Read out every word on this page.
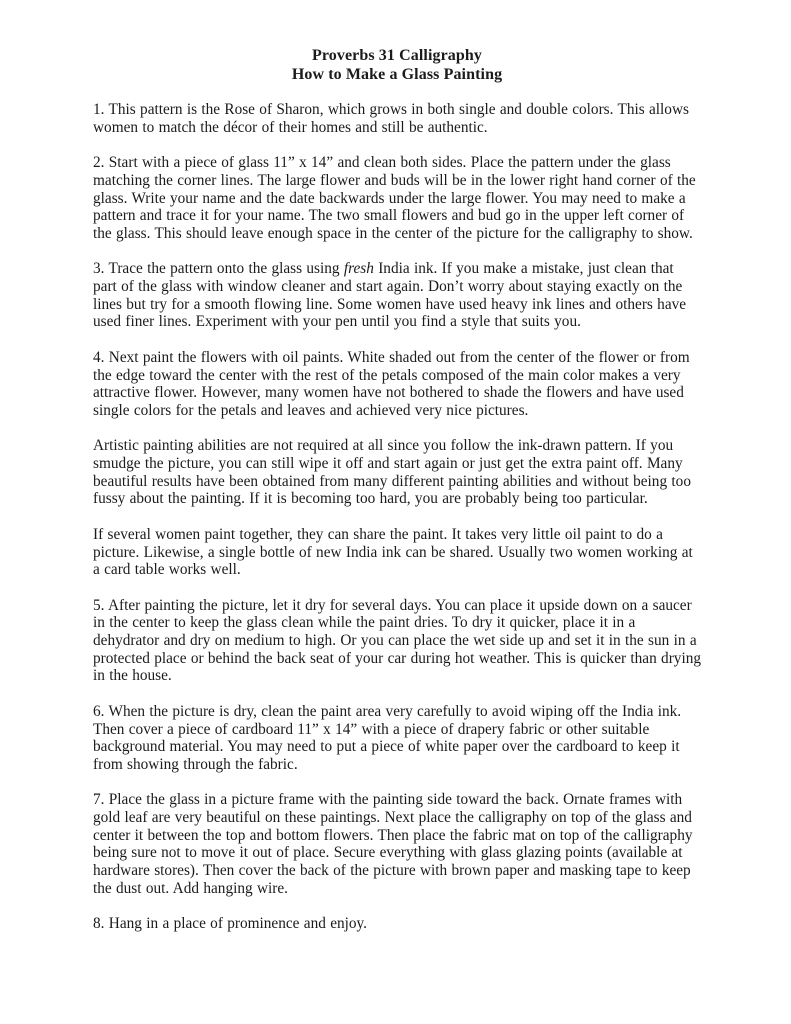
Proverbs 31 Calligraphy
How to Make a Glass Painting

1. This pattern is the Rose of Sharon, which grows in both single and double colors. This allows women to match the décor of their homes and still be authentic.

2. Start with a piece of glass 11” x 14” and clean both sides. Place the pattern under the glass matching the corner lines. The large flower and buds will be in the lower right hand corner of the glass. Write your name and the date backwards under the large flower. You may need to make a pattern and trace it for your name. The two small flowers and bud go in the upper left corner of the glass. This should leave enough space in the center of the picture for the calligraphy to show.

3. Trace the pattern onto the glass using fresh India ink. If you make a mistake, just clean that part of the glass with window cleaner and start again. Don’t worry about staying exactly on the lines but try for a smooth flowing line. Some women have used heavy ink lines and others have used finer lines. Experiment with your pen until you find a style that suits you.

4. Next paint the flowers with oil paints. White shaded out from the center of the flower or from the edge toward the center with the rest of the petals composed of the main color makes a very attractive flower. However, many women have not bothered to shade the flowers and have used single colors for the petals and leaves and achieved very nice pictures.

Artistic painting abilities are not required at all since you follow the ink-drawn pattern. If you smudge the picture, you can still wipe it off and start again or just get the extra paint off. Many beautiful results have been obtained from many different painting abilities and without being too fussy about the painting. If it is becoming too hard, you are probably being too particular.

If several women paint together, they can share the paint. It takes very little oil paint to do a picture. Likewise, a single bottle of new India ink can be shared. Usually two women working at a card table works well.

5. After painting the picture, let it dry for several days. You can place it upside down on a saucer in the center to keep the glass clean while the paint dries. To dry it quicker, place it in a dehydrator and dry on medium to high. Or you can place the wet side up and set it in the sun in a protected place or behind the back seat of your car during hot weather. This is quicker than drying in the house.

6. When the picture is dry, clean the paint area very carefully to avoid wiping off the India ink. Then cover a piece of cardboard 11” x 14” with a piece of drapery fabric or other suitable background material. You may need to put a piece of white paper over the cardboard to keep it from showing through the fabric.

7. Place the glass in a picture frame with the painting side toward the back. Ornate frames with gold leaf are very beautiful on these paintings. Next place the calligraphy on top of the glass and center it between the top and bottom flowers. Then place the fabric mat on top of the calligraphy being sure not to move it out of place. Secure everything with glass glazing points (available at hardware stores). Then cover the back of the picture with brown paper and masking tape to keep the dust out. Add hanging wire.

8. Hang in a place of prominence and enjoy.
